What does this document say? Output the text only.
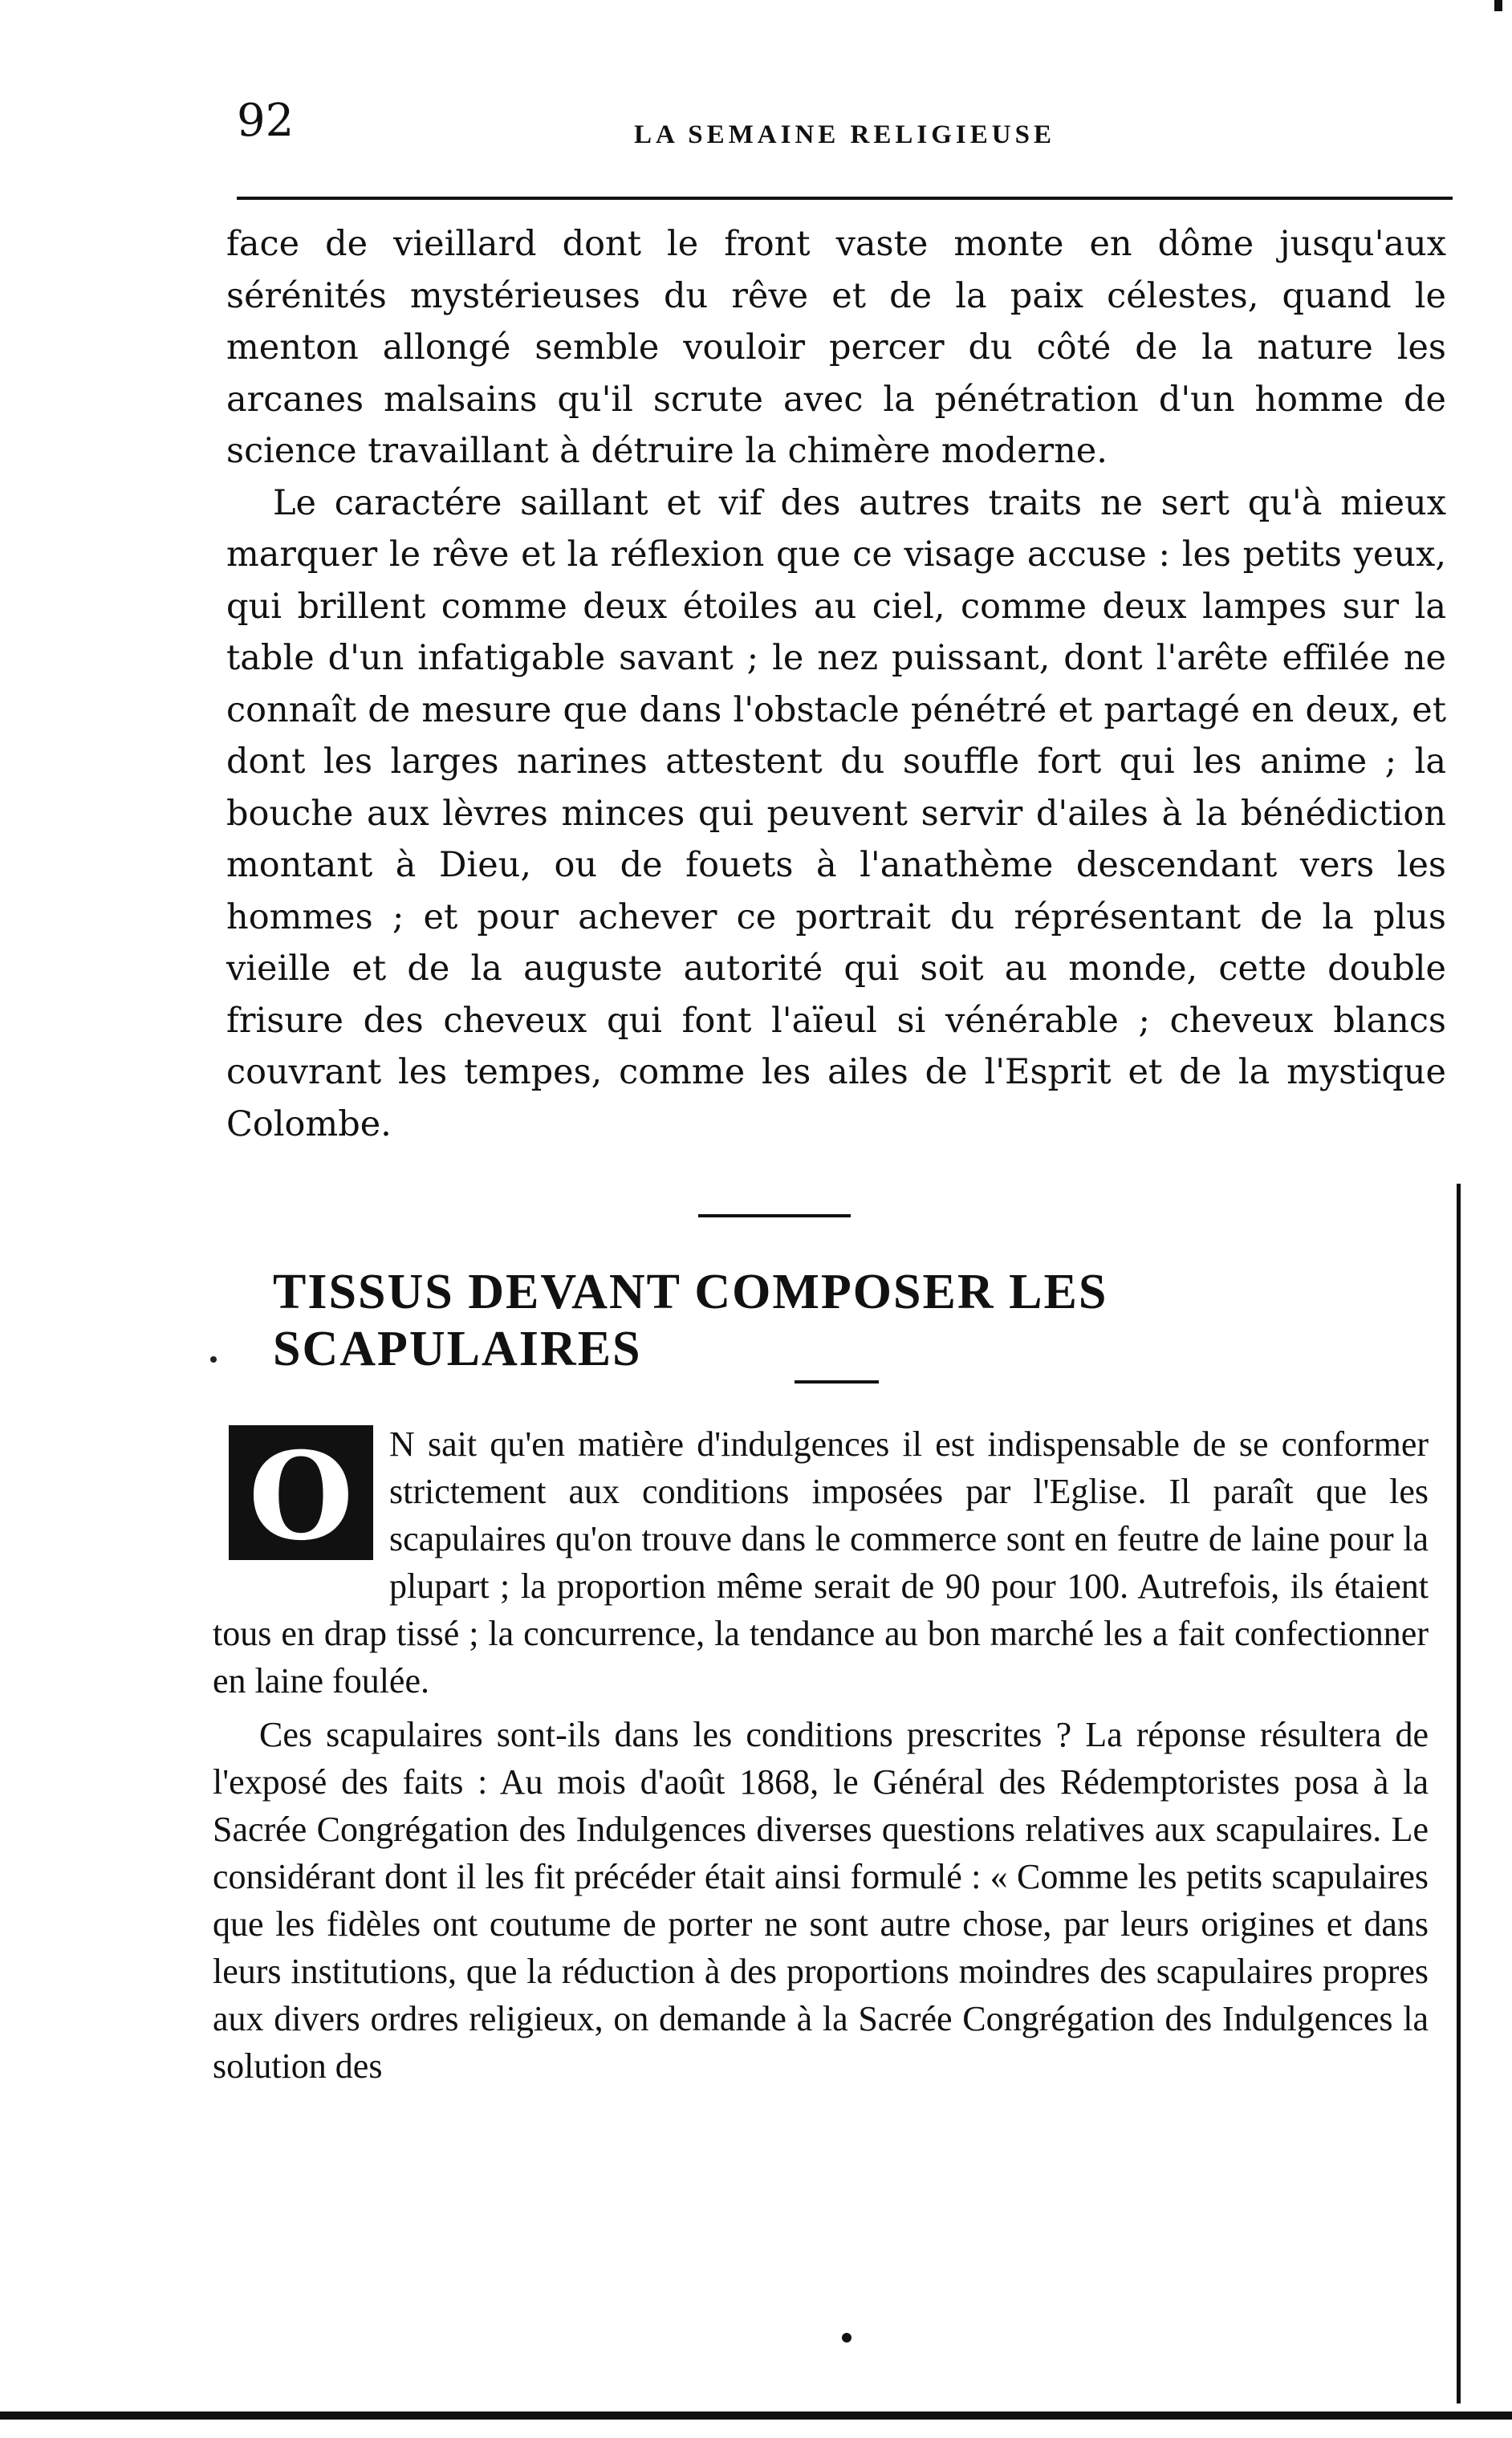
92	LA SEMAINE RELIGIEUSE

face de vieillard dont le front vaste monte en dôme jusqu'aux sérénités mystérieuses du rêve et de la paix célestes, quand le menton allongé semble vouloir percer du côté de la nature les arcanes malsains qu'il scrute avec la pénétration d'un homme de science travaillant à détruire la chimère moderne.

Le caractére saillant et vif des autres traits ne sert qu'à mieux marquer le rêve et la réflexion que ce visage accuse : les petits yeux, qui brillent comme deux étoiles au ciel, comme deux lampes sur la table d'un infatigable savant ; le nez puissant, dont l'arête effilée ne connaît de mesure que dans l'obstacle pénétré et partagé en deux, et dont les larges narines attestent du souffle fort qui les anime ; la bouche aux lèvres minces qui peuvent servir d'ailes à la bénédiction montant à Dieu, ou de fouets à l'anathème descendant vers les hommes ; et pour achever ce portrait du réprésentant de la plus vieille et de la auguste autorité qui soit au monde, cette double frisure des cheveux qui font l'aïeul si vénérable ; cheveux blancs couvrant les tempes, comme les ailes de l'Esprit et de la mystique Colombe.

TISSUS DEVANT COMPOSER LES SCAPULAIRES

O	N sait qu'en matière d'indulgences il est indispensable de se conformer strictement aux conditions imposées par l'Eglise. Il paraît que les scapulaires qu'on trouve dans le commerce sont en feutre de laine pour la plupart ; la proportion même serait de 90 pour 100. Autrefois, ils étaient tous en drap tissé ; la concurrence, la tendance au bon marché les a fait confectionner en laine foulée.

Ces scapulaires sont-ils dans les conditions prescrites ? La réponse résultera de l'exposé des faits : Au mois d'août 1868, le Général des Rédemptoristes posa à la Sacrée Congrégation des Indulgences diverses questions relatives aux scapulaires. Le considérant dont il les fit précéder était ainsi formulé : « Comme les petits scapulaires que les fidèles ont coutume de porter ne sont autre chose, par leurs origines et dans leurs institutions, que la réduction à des proportions moindres des scapulaires propres aux divers ordres religieux, on demande à la Sacrée Congrégation des Indulgences la solution des
